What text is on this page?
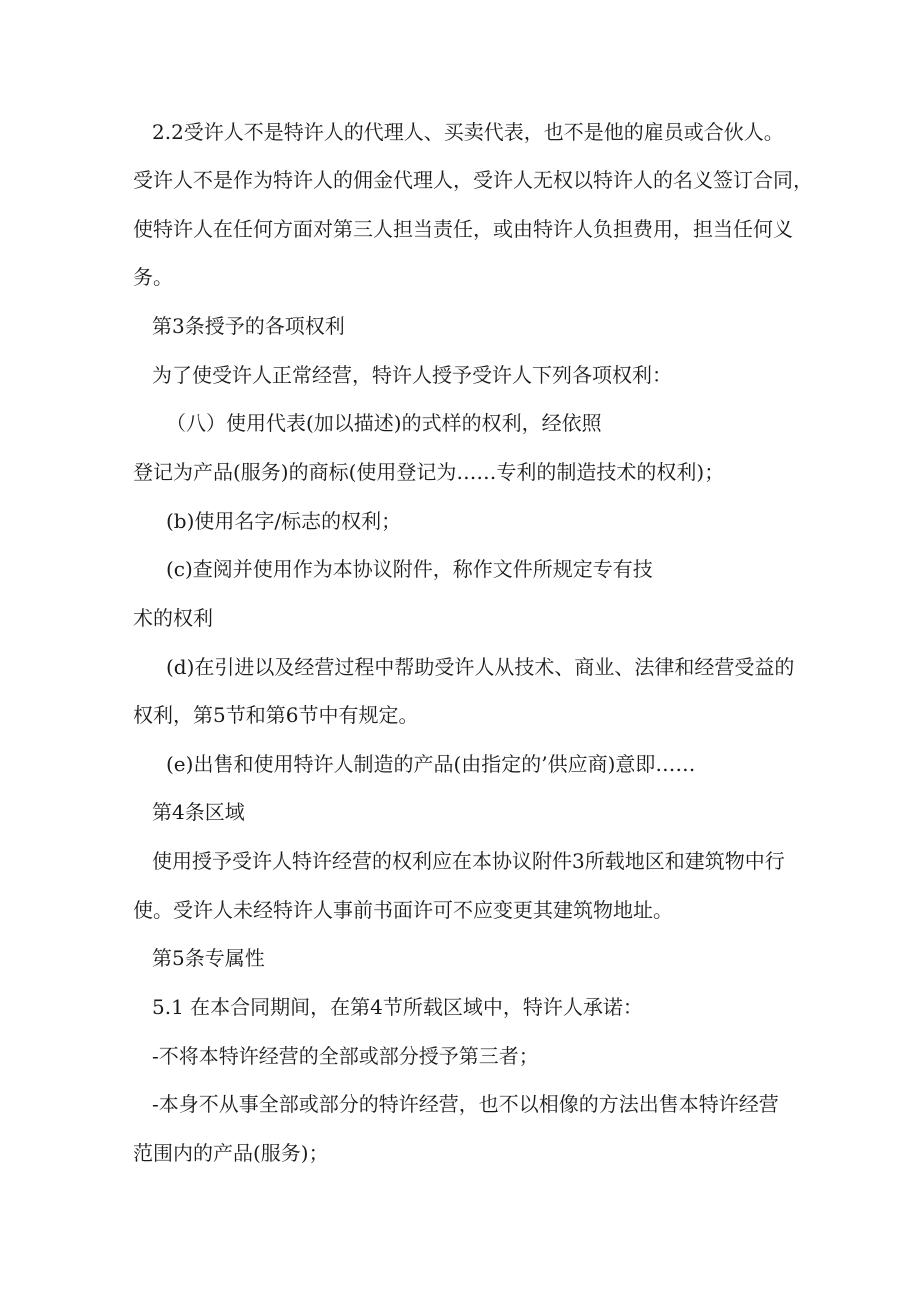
2.2受许人不是特许人的代理人、买卖代表，也不是他的雇员或合伙人。
受许人不是作为特许人的佣金代理人，受许人无权以特许人的名义签订合同，
使特许人在任何方面对第三人担当责任，或由特许人负担费用，担当任何义
务。
第3条授予的各项权利
为了使受许人正常经营，特许人授予受许人下列各项权利：
（八）使用代表(加以描述)的式样的权利，经依照
登记为产品(服务)的商标(使用登记为……专利的制造技术的权利)；
(b)使用名字/标志的权利；
(c)查阅并使用作为本协议附件，称作文件所规定专有技
术的权利
(d)在引进以及经营过程中帮助受许人从技术、商业、法律和经营受益的
权利，第5节和第6节中有规定。
(e)出售和使用特许人制造的产品(由指定的’供应商)意即……
第4条区域
使用授予受许人特许经营的权利应在本协议附件3所载地区和建筑物中行
使。受许人未经特许人事前书面许可不应变更其建筑物地址。
第5条专属性
5.1 在本合同期间，在第4节所载区域中，特许人承诺：
-不将本特许经营的全部或部分授予第三者；
-本身不从事全部或部分的特许经营，也不以相像的方法出售本特许经营
范围内的产品(服务)；
